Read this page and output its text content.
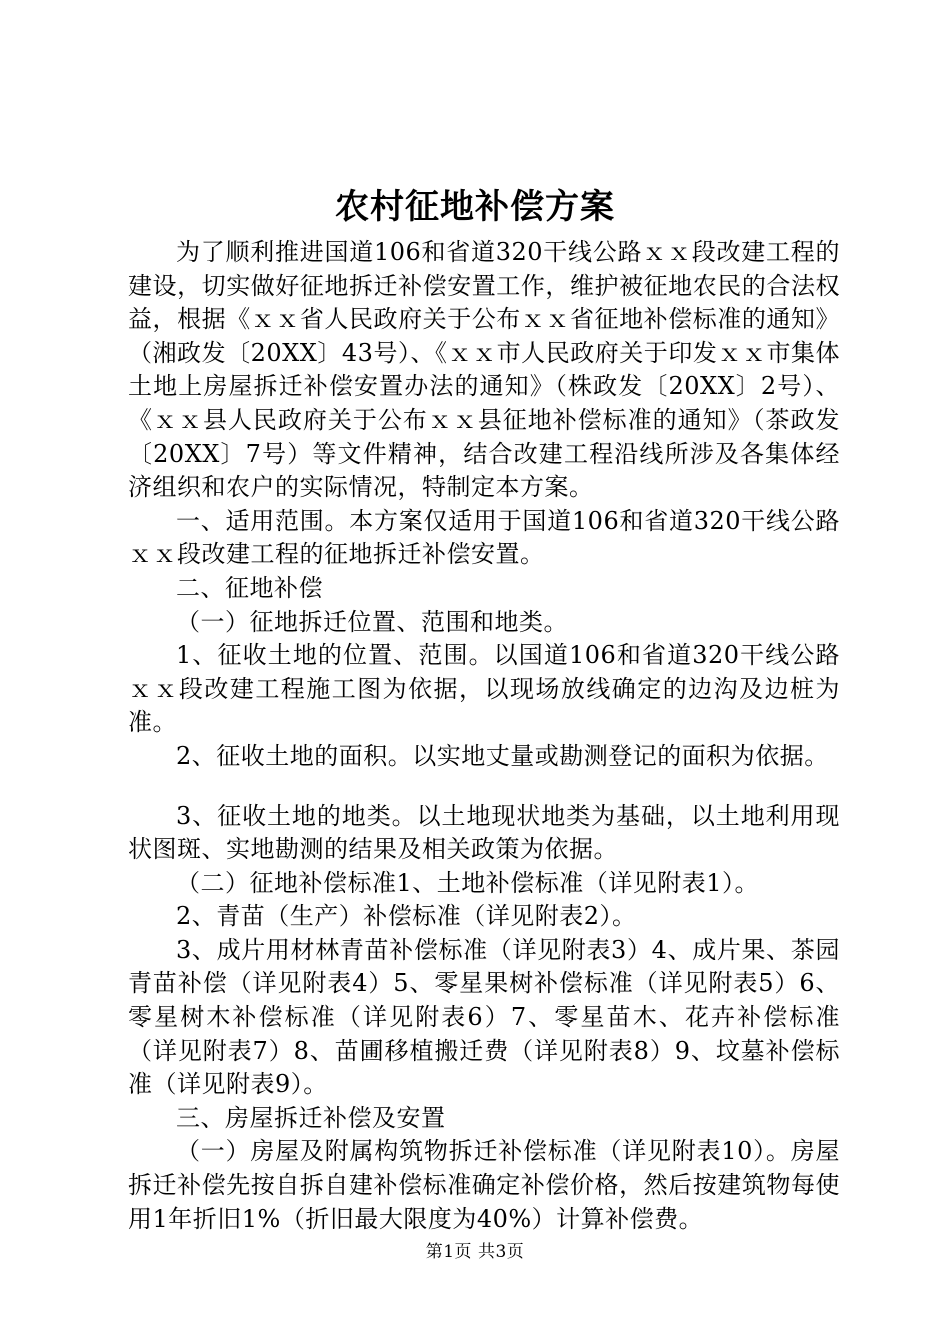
农村征地补偿方案

为了顺利推进国道106和省道320干线公路ｘｘ段改建工程的建设，切实做好征地拆迁补偿安置工作，维护被征地农民的合法权益，根据《ｘｘ省人民政府关于公布ｘｘ省征地补偿标准的通知》（湘政发〔20XX〕43号）、《ｘｘ市人民政府关于印发ｘｘ市集体土地上房屋拆迁补偿安置办法的通知》（株政发〔20XX〕2号）、《ｘｘ县人民政府关于公布ｘｘ县征地补偿标准的通知》（茶政发〔20XX〕7号）等文件精神，结合改建工程沿线所涉及各集体经济组织和农户的实际情况，特制定本方案。

一、适用范围。本方案仅适用于国道106和省道320干线公路ｘｘ段改建工程的征地拆迁补偿安置。

二、征地补偿

（一）征地拆迁位置、范围和地类。

1、征收土地的位置、范围。以国道106和省道320干线公路ｘｘ段改建工程施工图为依据，以现场放线确定的边沟及边桩为准。

2、征收土地的面积。以实地丈量或勘测登记的面积为依据。

3、征收土地的地类。以土地现状地类为基础，以土地利用现状图斑、实地勘测的结果及相关政策为依据。

（二）征地补偿标准1、土地补偿标准（详见附表1）。

2、青苗（生产）补偿标准（详见附表2）。

3、成片用材林青苗补偿标准（详见附表3）4、成片果、茶园青苗补偿（详见附表4）5、零星果树补偿标准（详见附表5）6、零星树木补偿标准（详见附表6）7、零星苗木、花卉补偿标准（详见附表7）8、苗圃移植搬迁费（详见附表8）9、坟墓补偿标准（详见附表9）。

三、房屋拆迁补偿及安置

（一）房屋及附属构筑物拆迁补偿标准（详见附表10）。房屋拆迁补偿先按自拆自建补偿标准确定补偿价格，然后按建筑物每使用1年折旧1%（折旧最大限度为40%）计算补偿费。

第1页 共3页
